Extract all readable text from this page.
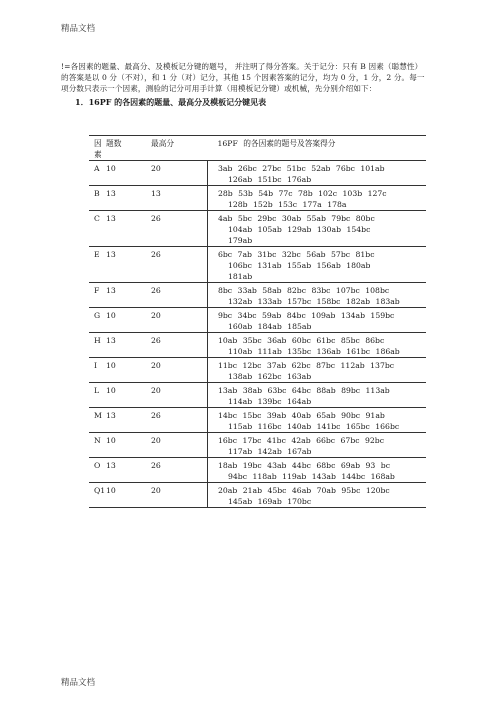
精品文档
!=各因素的题量、最高分、及模板记分键的题号， 并注明了得分答案。关于记分：只有 B 因素（聪慧性）的答案是以 0 分（不对），和 1 分（对）记分，其他 15 个因素答案的记分，均为 0 分，1 分，2 分。每一项分数只表示一个因素，测验的记分可用手计算（用模板记分键）或机械，先分别介绍如下：
1．16PF 的各因素的题量、最高分及模板记分键见表
因素	题数	最高分	16PF 的各因素的题号及答案得分
A	10	20	3ab 26bc 27bc 51bc 52ab 76bc 101ab
126ab 151bc 176ab

B	13	13	28b 53b 54b 77c 78b 102c 103b 127c
128b 152b 153c 177a 178a

C	13	26	4ab 5bc 29bc 30ab 55ab 79bc 80bc
104ab 105ab 129ab 130ab 154bc
179ab

E	13	26	6bc 7ab 31bc 32bc 56ab 57bc 81bc
106bc 131ab 155ab 156ab 180ab
181ab

F	13	26	8bc 33ab 58ab 82bc 83bc 107bc 108bc
132ab 133ab 157bc 158bc 182ab 183ab

G	10	20	9bc 34bc 59ab 84bc 109ab 134ab 159bc
160ab 184ab 185ab

H	13	26	10ab 35bc 36ab 60bc 61bc 85bc 86bc
110ab 111ab 135bc 136ab 161bc 186ab

I	10	20	11bc 12bc 37ab 62bc 87bc 112ab 137bc
138ab 162bc 163ab

L	10	20	13ab 38ab 63bc 64bc 88ab 89bc 113ab
114ab 139bc 164ab

M	13	26	14bc 15bc 39ab 40ab 65ab 90bc 91ab
115ab 116bc 140ab 141bc 165bc 166bc

N	10	20	16bc 17bc 41bc 42ab 66bc 67bc 92bc
117ab 142ab 167ab

O	13	26	18ab 19bc 43ab 44bc 68bc 69ab 93 bc
94bc 118ab 119ab 143ab 144bc 168ab

Q1	10	20	20ab 21ab 45bc 46ab 70ab 95bc 120bc
145ab 169ab 170bc
精品文档
